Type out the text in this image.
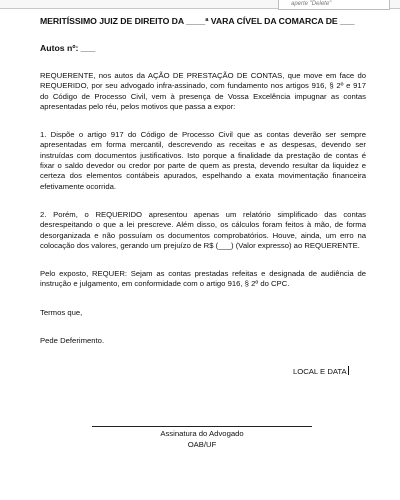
aperte "Delete"
MERITÍSSIMO JUIZ DE DIREITO DA ____ª VARA CÍVEL DA COMARCA DE ___
Autos nº: ___
REQUERENTE, nos autos da AÇÃO DE PRESTAÇÃO DE CONTAS, que move em face do REQUERIDO, por seu advogado infra-assinado, com fundamento nos artigos 916, § 2º e 917 do Código de Processo Civil, vem à presença de Vossa Excelência impugnar as contas apresentadas pelo réu, pelos motivos que passa a expor:
1. Dispõe o artigo 917 do Código de Processo Civil que as contas deverão ser sempre apresentadas em forma mercantil, descrevendo as receitas e as despesas, devendo ser instruídas com documentos justificativos. Isto porque a finalidade da prestação de contas é fixar o saldo devedor ou credor por parte de quem as presta, devendo resultar da liquidez e certeza dos elementos contábeis apurados, espelhando a exata movimentação financeira efetivamente ocorrida.
2. Porém, o REQUERIDO apresentou apenas um relatório simplificado das contas desrespeitando o que a lei prescreve. Além disso, os cálculos foram feitos à mão, de forma desorganizada e não possuíam os documentos comprobatórios. Houve, ainda, um erro na colocação dos valores, gerando um prejuízo de R$ (___) (Valor expresso) ao REQUERENTE.
Pelo exposto, REQUER: Sejam as contas prestadas refeitas e designada de audiência de instrução e julgamento, em conformidade com o artigo 916, § 2º do CPC.
Termos que,
Pede Deferimento.
LOCAL E DATA
Assinatura do Advogado
OAB/UF
